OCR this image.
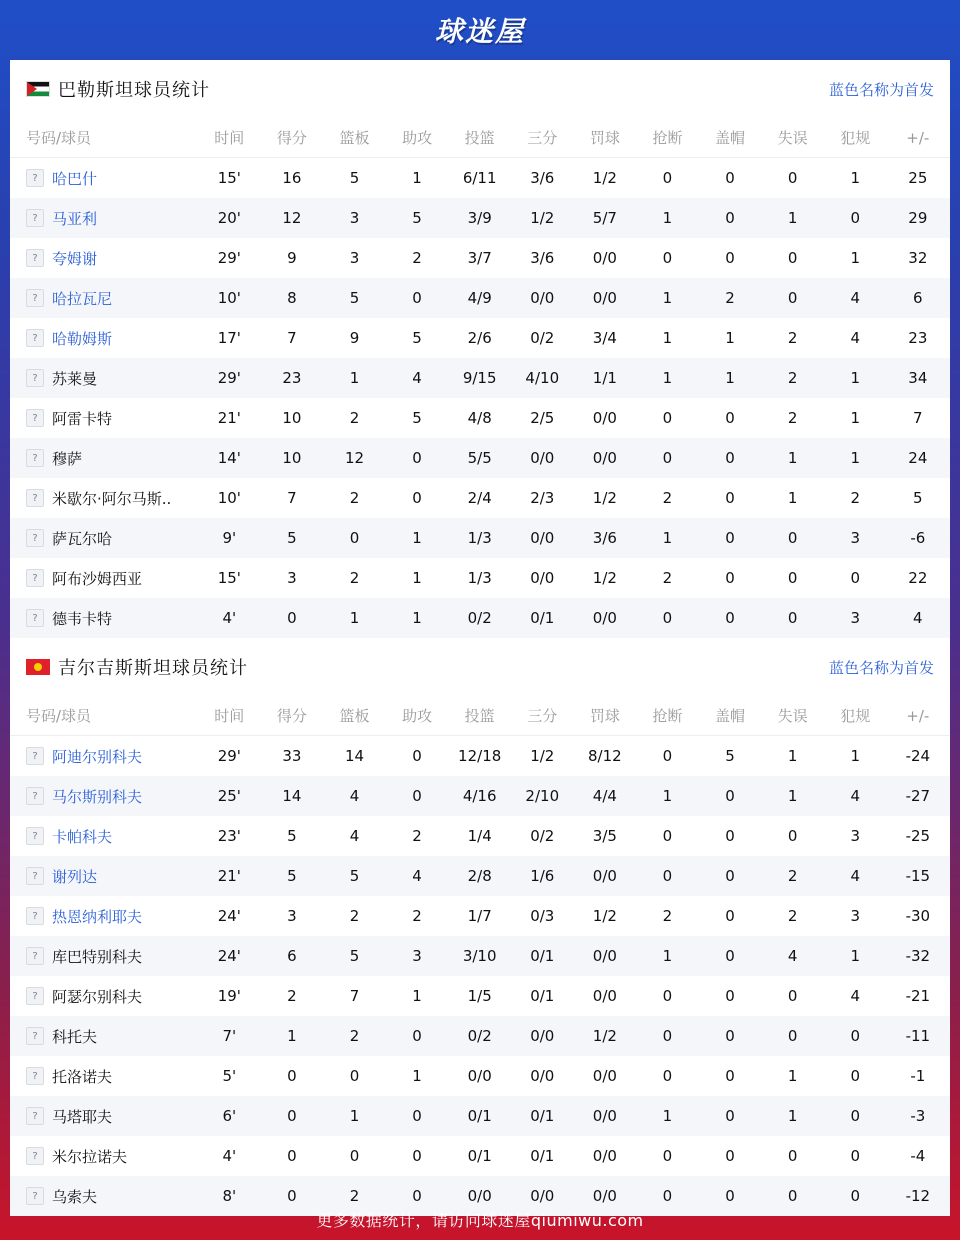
球迷屋
巴勒斯坦球员统计	蓝色名称为首发
号码/球员	时间	得分	篮板	助攻	投篮	三分	罚球	抢断	盖帽	失误	犯规	+/-
? 哈巴什	15'	16	5	1	6/11	3/6	1/2	0	0	0	1	25
? 马亚利	20'	12	3	5	3/9	1/2	5/7	1	0	1	0	29
? 夸姆谢	29'	9	3	2	3/7	3/6	0/0	0	0	0	1	32
? 哈拉瓦尼	10'	8	5	0	4/9	0/0	0/0	1	2	0	4	6
? 哈勒姆斯	17'	7	9	5	2/6	0/2	3/4	1	1	2	4	23
? 苏莱曼	29'	23	1	4	9/15	4/10	1/1	1	1	2	1	34
? 阿雷卡特	21'	10	2	5	4/8	2/5	0/0	0	0	2	1	7
? 穆萨	14'	10	12	0	5/5	0/0	0/0	0	0	1	1	24
? 米歇尔·阿尔马斯..	10'	7	2	0	2/4	2/3	1/2	2	0	1	2	5
? 萨瓦尔哈	9'	5	0	1	1/3	0/0	3/6	1	0	0	3	-6
? 阿布沙姆西亚	15'	3	2	1	1/3	0/0	1/2	2	0	0	0	22
? 德韦卡特	4'	0	1	1	0/2	0/1	0/0	0	0	0	3	4
吉尔吉斯斯坦球员统计	蓝色名称为首发
号码/球员	时间	得分	篮板	助攻	投篮	三分	罚球	抢断	盖帽	失误	犯规	+/-
? 阿迪尔别科夫	29'	33	14	0	12/18	1/2	8/12	0	5	1	1	-24
? 马尔斯别科夫	25'	14	4	0	4/16	2/10	4/4	1	0	1	4	-27
? 卡帕科夫	23'	5	4	2	1/4	0/2	3/5	0	0	0	3	-25
? 谢列达	21'	5	5	4	2/8	1/6	0/0	0	0	2	4	-15
? 热恩纳利耶夫	24'	3	2	2	1/7	0/3	1/2	2	0	2	3	-30
? 库巴特别科夫	24'	6	5	3	3/10	0/1	0/0	1	0	4	1	-32
? 阿瑟尔别科夫	19'	2	7	1	1/5	0/1	0/0	0	0	0	4	-21
? 科托夫	7'	1	2	0	0/2	0/0	1/2	0	0	0	0	-11
? 托洛诺夫	5'	0	0	1	0/0	0/0	0/0	0	0	1	0	-1
? 马塔耶夫	6'	0	1	0	0/1	0/1	0/0	1	0	1	0	-3
? 米尔拉诺夫	4'	0	0	0	0/1	0/1	0/0	0	0	0	0	-4
? 乌索夫	8'	0	2	0	0/0	0/0	0/0	0	0	0	0	-12
更多数据统计，请访问球迷屋qiumiwu.com
